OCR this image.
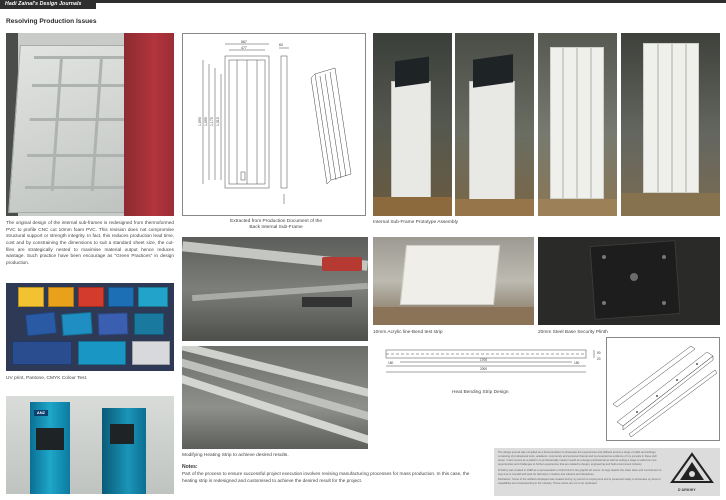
Hadi Zainal's Design Journals
Resolving Production Issues
The original design of the internal sub-frames is redesigned from thermoformed PVC to profile CNC cut 10mm foam PVC. This revision does not compromise structural support or strength integrity. In fact, this reduces production lead time, cost and by constraining the dimensions to suit a standard sheet size, the cut-files are strategically nested to maximise material output hence reduces wastage. Such practice have been encourage as "Green Practices" in design production.
567
477
60
1,093 1,093 1,173 1,313
Extracted from Production Document of the Back Internal Sub-Frame
Internal Sub-Frame Prototype Assembly
UV print, Pantone, CMYK Colour Test.
ANZ
Modifying Heating Strip to achieve desired results.
10mm Acrylic line-Bend test strip	20mm Steel Base Security Plinth
2000
1700
150	150
90
20
Heat Bending Strip Design
Notes:
Part of the process to ensure successful project execution involves revising manufacturing processes for mass production. In this case, the heating strip is redesigned and customised to achieve the desired result for the project.

The design journal was compiled as a documentation to showcase the experiences and skillsets across a range of skills and settings, consisting of professional work, academic, community and personal interest and is presented as evidence of my pursuits in these skill areas. It also serves as a platform to professionally market myself as a design professional as well as setting a stage to welcome new opportunities and challenges to further experiences that are related to design, engineering and built environment industry.

D'Arkhiy was created in 1998 as a representation of hard bind in the graphic art scene. Its logo depicts the clean taste and commitment to stay true to oneself and seek for diversity in creative arts cultures and disciplines.

Disclaimer: Some of the artifacts displayed was created during my period of employment and is presented solely to showcase my level of capabilities and understanding in the industry. These works are not to be replicated.

D'ARKHIY
